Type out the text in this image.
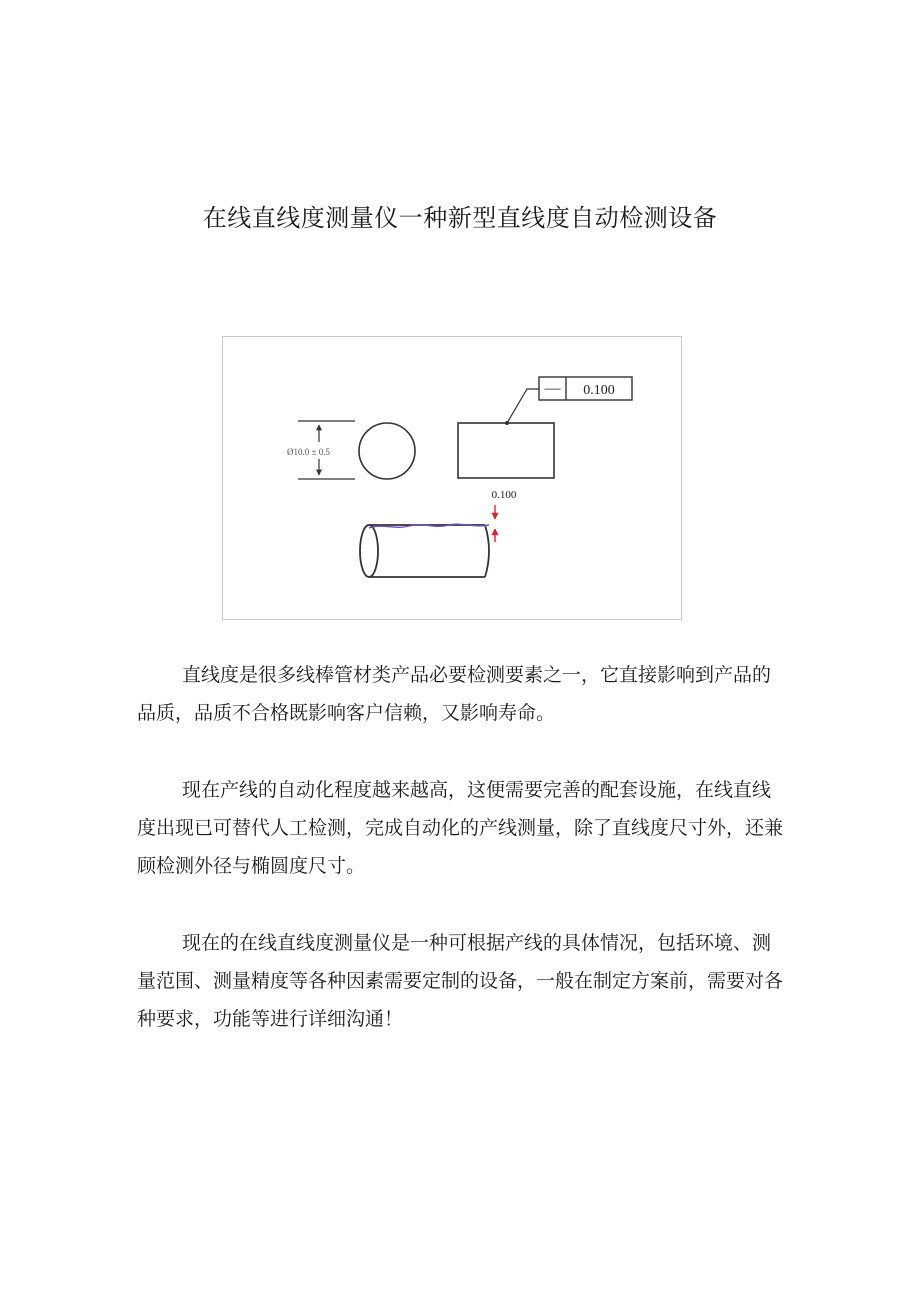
在线直线度测量仪一种新型直线度自动检测设备
Ø10.0 ± 0.5
— 0.100
0.100

直线度是很多线棒管材类产品必要检测要素之一，它直接影响到产品的品质，品质不合格既影响客户信赖，又影响寿命。

现在产线的自动化程度越来越高，这便需要完善的配套设施，在线直线度出现已可替代人工检测，完成自动化的产线测量，除了直线度尺寸外，还兼顾检测外径与椭圆度尺寸。

现在的在线直线度测量仪是一种可根据产线的具体情况，包括环境、测量范围、测量精度等各种因素需要定制的设备，一般在制定方案前，需要对各种要求，功能等进行详细沟通！
